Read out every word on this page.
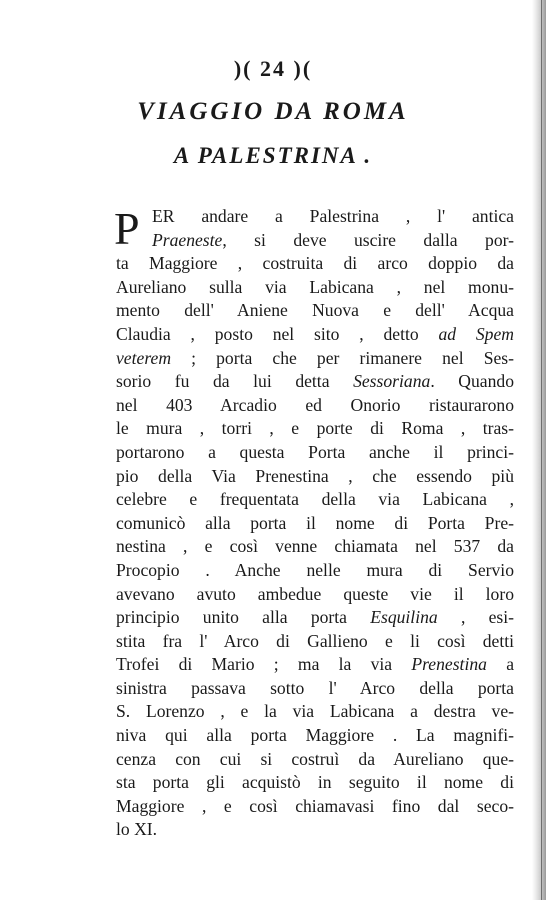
)( 24 )(
VIAGGIO DA ROMA
A PALESTRINA .
P ER andare a Palestrina , l' antica
Praeneste, si deve uscire dalla por-
ta Maggiore , costruita di arco doppio da
Aureliano sulla via Labicana , nel monu-
mento dell' Aniene Nuova e dell' Acqua
Claudia , posto nel sito , detto ad Spem
veterem ; porta che per rimanere nel Ses-
sorio fu da lui detta Sessoriana. Quando
nel 403 Arcadio ed Onorio ristaurarono
le mura , torri , e porte di Roma , tras-
portarono a questa Porta anche il princi-
pio della Via Prenestina , che essendo più
celebre e frequentata della via Labicana ,
comunicò alla porta il nome di Porta Pre-
nestina , e così venne chiamata nel 537 da
Procopio . Anche nelle mura di Servio
avevano avuto ambedue queste vie il loro
principio unito alla porta Esquilina , esi-
stita fra l' Arco di Gallieno e li così detti
Trofei di Mario ; ma la via Prenestina a
sinistra passava sotto l' Arco della porta
S. Lorenzo , e la via Labicana a destra ve-
niva qui alla porta Maggiore . La magnifi-
cenza con cui si costruì da Aureliano que-
sta porta gli acquistò in seguito il nome di
Maggiore , e così chiamavasi fino dal seco-
lo XI.
